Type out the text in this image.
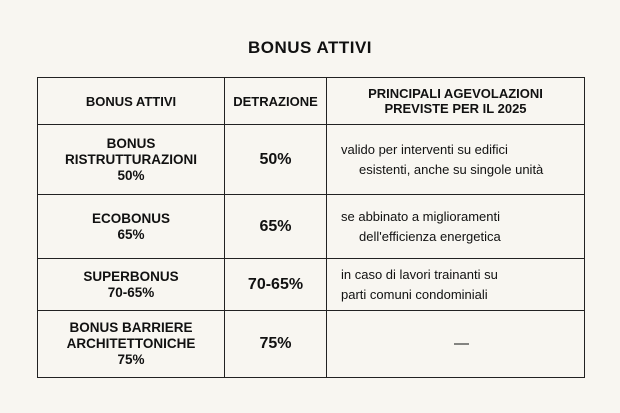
BONUS ATTIVI
BONUS ATTIVI	DETRAZIONE	PRINCIPALI AGEVOLAZIONI
PREVISTE PER IL 2025

BONUS
RISTRUTTURAZIONI
50%	50%	valido per interventi su edifici
esistenti, anche su singole unità

ECOBONUS
65%	65%	se abbinato a miglioramenti
dell'efficienza energetica

SUPERBONUS
70-65%	70-65%	in caso di lavori trainanti su
parti comuni condominiali

BONUS BARRIERE
ARCHITETTONICHE
75%	75%	—
